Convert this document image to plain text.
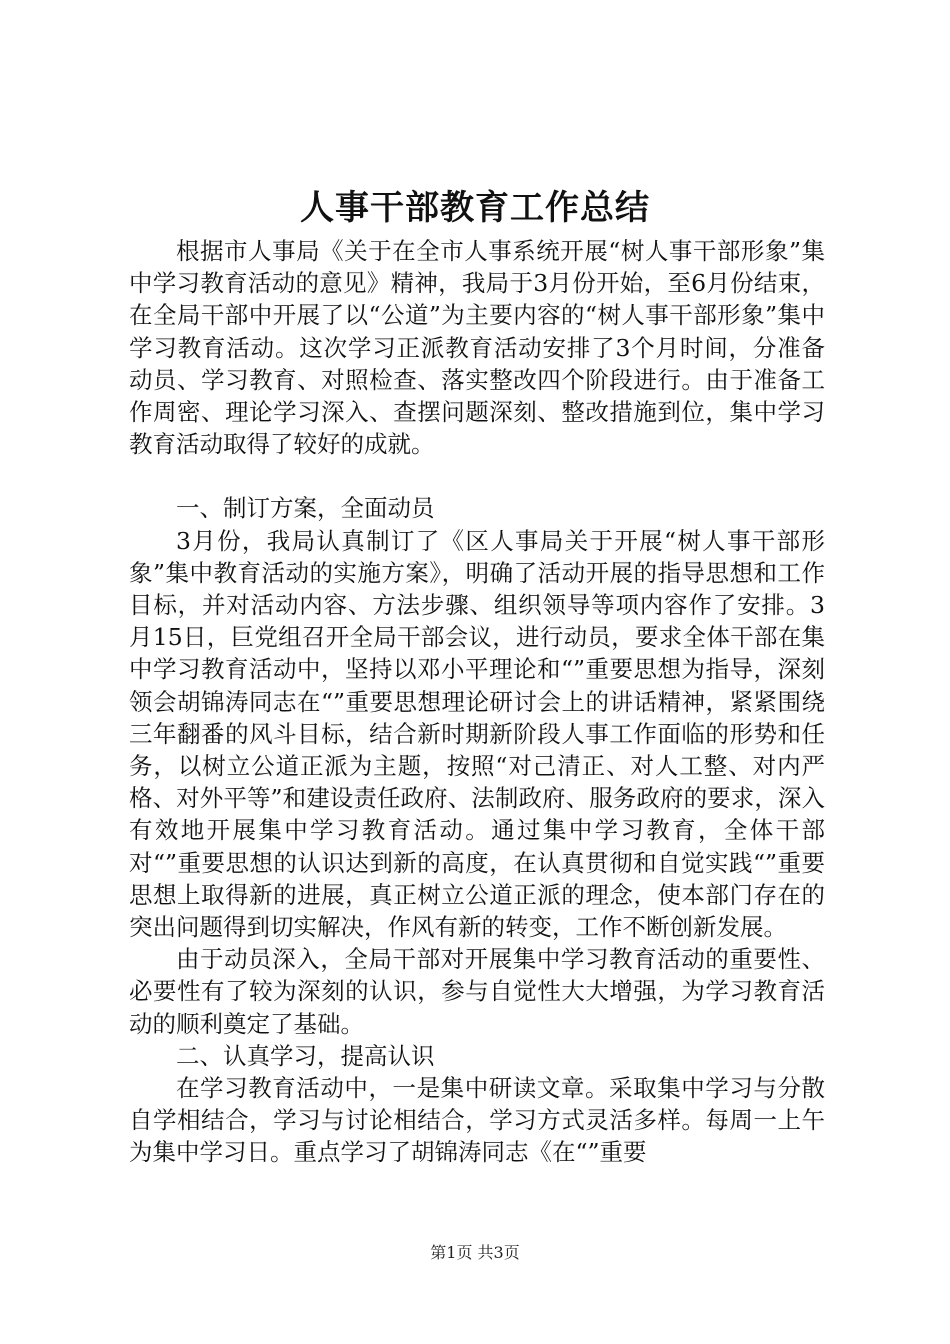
人事干部教育工作总结

根据市人事局《关于在全市人事系统开展“树人事干部形象”集中学习教育活动的意见》精神，我局于3月份开始，至6月份结束，在全局干部中开展了以“公道”为主要内容的“树人事干部形象”集中学习教育活动。这次学习正派教育活动安排了3个月时间，分准备动员、学习教育、对照检查、落实整改四个阶段进行。由于准备工作周密、理论学习深入、查摆问题深刻、整改措施到位，集中学习教育活动取得了较好的成就。

一、制订方案，全面动员

3月份，我局认真制订了《区人事局关于开展“树人事干部形象”集中教育活动的实施方案》，明确了活动开展的指导思想和工作目标，并对活动内容、方法步骤、组织领导等项内容作了安排。3月15日，巨党组召开全局干部会议，进行动员，要求全体干部在集中学习教育活动中，坚持以邓小平理论和“”重要思想为指导，深刻领会胡锦涛同志在“”重要思想理论研讨会上的讲话精神，紧紧围绕三年翻番的风斗目标，结合新时期新阶段人事工作面临的形势和任务，以树立公道正派为主题，按照“对己清正、对人工整、对内严格、对外平等”和建设责任政府、法制政府、服务政府的要求，深入有效地开展集中学习教育活动。通过集中学习教育，全体干部对“”重要思想的认识达到新的高度，在认真贯彻和自觉实践“”重要思想上取得新的进展，真正树立公道正派的理念，使本部门存在的突出问题得到切实解决，作风有新的转变，工作不断创新发展。

由于动员深入，全局干部对开展集中学习教育活动的重要性、必要性有了较为深刻的认识，参与自觉性大大增强，为学习教育活动的顺利奠定了基础。

二、认真学习，提高认识

在学习教育活动中，一是集中研读文章。采取集中学习与分散自学相结合，学习与讨论相结合，学习方式灵活多样。每周一上午为集中学习日。重点学习了胡锦涛同志《在“”重要

第1页 共3页
